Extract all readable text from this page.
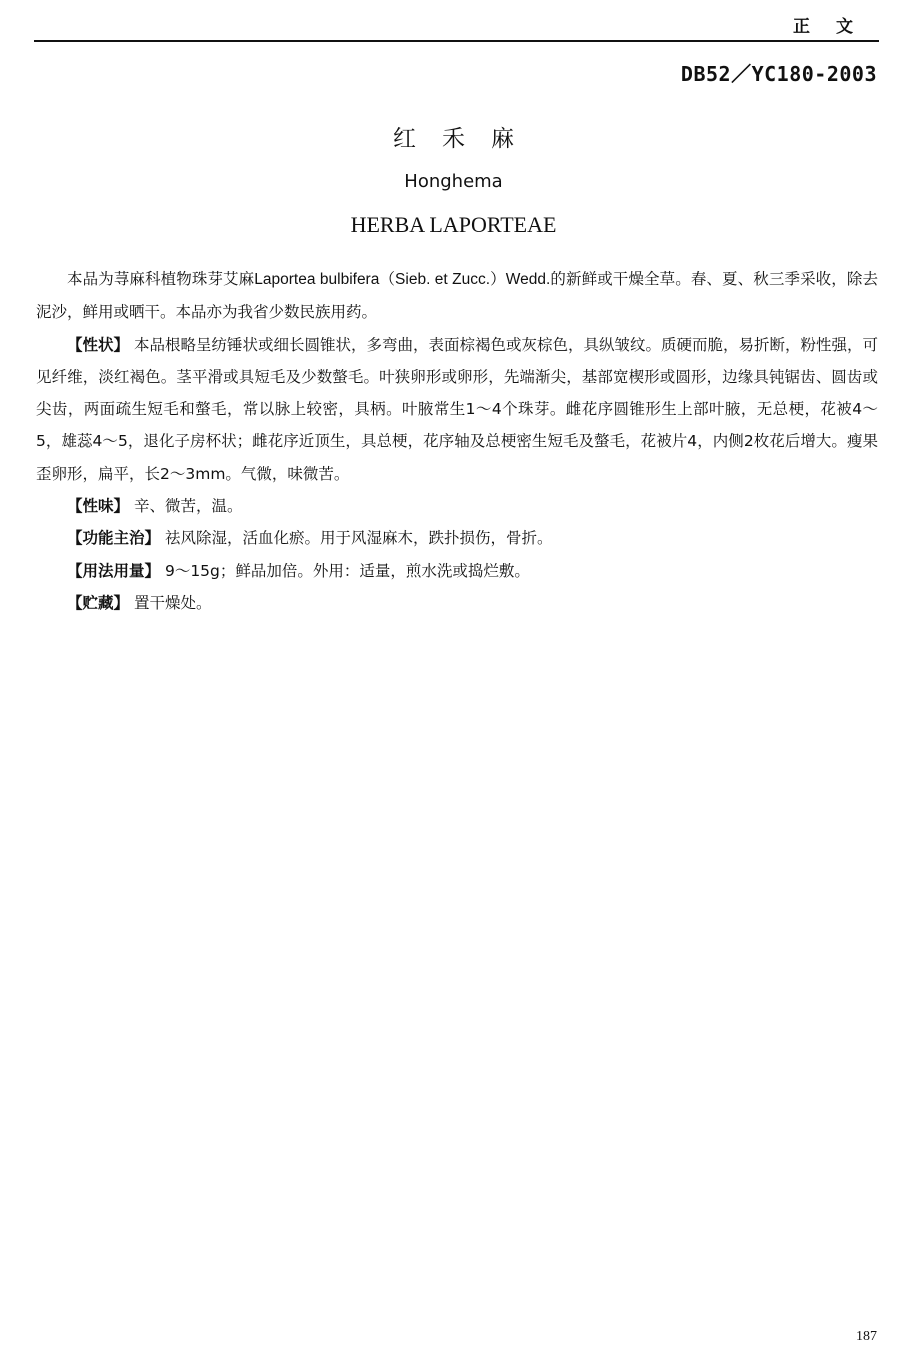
正文
DB52／YC180-2003
红禾麻
Honghema
HERBA LAPORTEAE

本品为荨麻科植物珠芽艾麻Laportea bulbifera（Sieb. et Zucc.）Wedd.的新鲜或干燥全草。春、夏、秋三季采收，除去泥沙，鲜用或晒干。本品亦为我省少数民族用药。

【性状】 本品根略呈纺锤状或细长圆锥状，多弯曲，表面棕褐色或灰棕色，具纵皱纹。质硬而脆，易折断，粉性强，可见纤维，淡红褐色。茎平滑或具短毛及少数螫毛。叶狭卵形或卵形，先端渐尖，基部宽楔形或圆形，边缘具钝锯齿、圆齿或尖齿，两面疏生短毛和螫毛，常以脉上较密，具柄。叶腋常生1～4个珠芽。雌花序圆锥形生上部叶腋，无总梗，花被4～5，雄蕊4～5，退化子房杯状；雌花序近顶生，具总梗，花序轴及总梗密生短毛及螫毛，花被片4，内侧2枚花后增大。瘦果歪卵形，扁平，长2～3mm。气微，味微苦。

【性味】 辛、微苦，温。

【功能主治】 祛风除湿，活血化瘀。用于风湿麻木，跌扑损伤，骨折。

【用法用量】 9～15g；鲜品加倍。外用：适量，煎水洗或捣烂敷。

【贮藏】 置干燥处。

187
